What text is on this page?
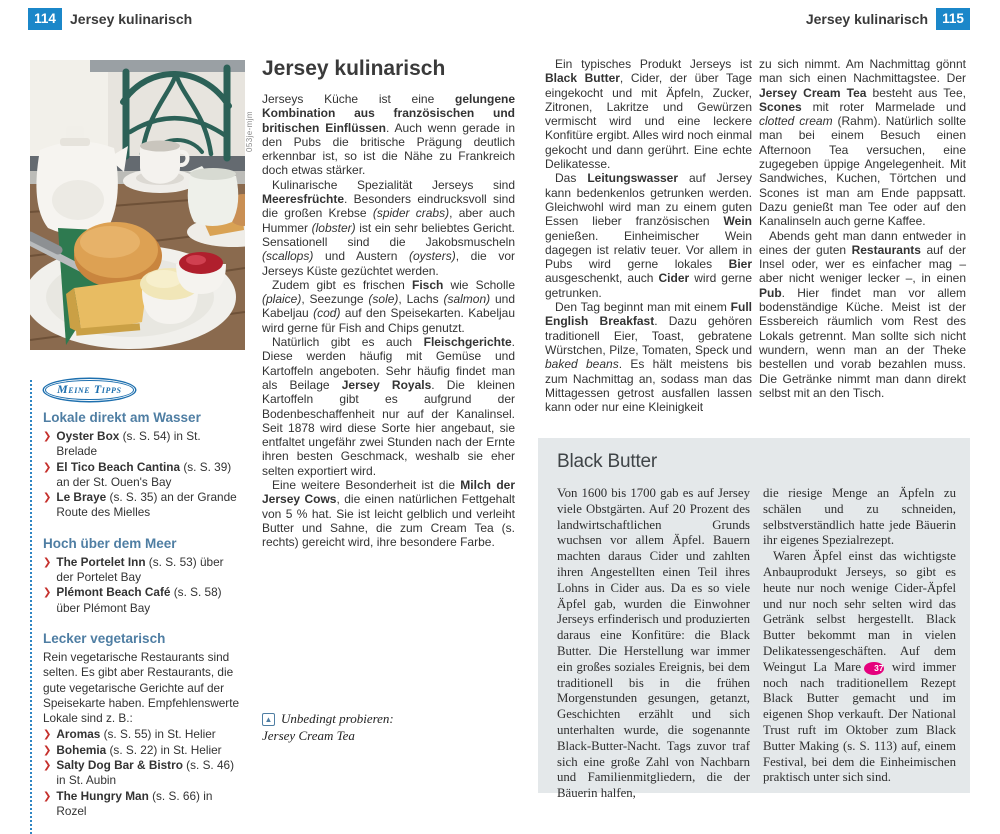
114	Jersey kulinarisch	Jersey kulinarisch	115
053je-mjm
Meine Tipps
Lokale direkt am Wasser
❯ Oyster Box (s. S. 54) in St. Brelade
❯ El Tico Beach Cantina (s. S. 39) an der St. Ouen's Bay
❯ Le Braye (s. S. 35) an der Grande Route des Mielles
Hoch über dem Meer
❯ The Portelet Inn (s. S. 53) über der Portelet Bay
❯ Plémont Beach Café (s. S. 58) über Plémont Bay
Lecker vegetarisch
Rein vegetarische Restaurants sind selten. Es gibt aber Restaurants, die gute vegetarische Gerichte auf der Speisekarte haben. Empfehlenswerte Lokale sind z. B.:
❯ Aromas (s. S. 55) in St. Helier
❯ Bohemia (s. S. 22) in St. Helier
❯ Salty Dog Bar & Bistro (s. S. 46) in St. Aubin
❯ The Hungry Man (s. S. 66) in Rozel
Jersey kulinarisch

Jerseys Küche ist eine gelungene Kombination aus französischen und britischen Einflüssen. Auch wenn gerade in den Pubs die britische Prägung deutlich erkennbar ist, so ist die Nähe zu Frankreich doch etwas stärker.

Kulinarische Spezialität Jerseys sind Meeresfrüchte. Besonders eindrucksvoll sind die großen Krebse (spider crabs), aber auch Hummer (lobster) ist ein sehr beliebtes Gericht. Sensationell sind die Jakobsmuscheln (scallops) und Austern (oysters), die vor Jerseys Küste gezüchtet werden.

Zudem gibt es frischen Fisch wie Scholle (plaice), Seezunge (sole), Lachs (salmon) und Kabeljau (cod) auf den Speisekarten. Kabeljau wird gerne für Fish and Chips genutzt.

Natürlich gibt es auch Fleischgerichte. Diese werden häufig mit Gemüse und Kartoffeln angeboten. Sehr häufig findet man als Beilage Jersey Royals. Die kleinen Kartoffeln gibt es aufgrund der Bodenbeschaffenheit nur auf der Kanalinsel. Seit 1878 wird diese Sorte hier angebaut, sie entfaltet ungefähr zwei Stunden nach der Ernte ihren besten Geschmack, weshalb sie eher selten exportiert wird.

Eine weitere Besonderheit ist die Milch der Jersey Cows, die einen natürlichen Fettgehalt von 5 % hat. Sie ist leicht gelblich und verleiht Butter und Sahne, die zum Cream Tea (s. rechts) gereicht wird, ihre besondere Farbe.

▲ Unbedingt probieren:
Jersey Cream Tea

Ein typisches Produkt Jerseys ist Black Butter, Cider, der über Tage eingekocht und mit Äpfeln, Zucker, Zitronen, Lakritze und Gewürzen vermischt wird und eine leckere Konfitüre ergibt. Alles wird noch einmal gekocht und dann gerührt. Eine echte Delikatesse.

Das Leitungswasser auf Jersey kann bedenkenlos getrunken werden. Gleichwohl wird man zu einem guten Essen lieber französischen Wein genießen. Einheimischer Wein dagegen ist relativ teuer. Vor allem in Pubs wird gerne lokales Bier ausgeschenkt, auch Cider wird gerne getrunken.

Den Tag beginnt man mit einem Full English Breakfast. Dazu gehören traditionell Eier, Toast, gebratene Würstchen, Pilze, Tomaten, Speck und baked beans. Es hält meistens bis zum Nachmittag an, sodass man das Mittagessen getrost ausfallen lassen kann oder nur eine Kleinigkeit

zu sich nimmt. Am Nachmittag gönnt man sich einen Nachmittagstee. Der Jersey Cream Tea besteht aus Tee, Scones mit roter Marmelade und clotted cream (Rahm). Natürlich sollte man bei einem Besuch einen Afternoon Tea versuchen, eine zugegeben üppige Angelegenheit. Mit Sandwiches, Kuchen, Törtchen und Scones ist man am Ende pappsatt. Dazu genießt man Tee oder auf den Kanalinseln auch gerne Kaffee.

Abends geht man dann entweder in eines der guten Restaurants auf der Insel oder, wer es einfacher mag – aber nicht weniger lecker –, in einen Pub. Hier findet man vor allem bodenständige Küche. Meist ist der Essbereich räumlich vom Rest des Lokals getrennt. Man sollte sich nicht wundern, wenn man an der Theke bestellen und vorab bezahlen muss. Die Getränke nimmt man dann direkt selbst mit an den Tisch.

Black Butter

Von 1600 bis 1700 gab es auf Jersey viele Obstgärten. Auf 20 Prozent des landwirtschaftlichen Grunds wuchsen vor allem Äpfel. Bauern machten daraus Cider und zahlten ihren Angestellten einen Teil ihres Lohns in Cider aus. Da es so viele Äpfel gab, wurden die Einwohner Jerseys erfinderisch und produzierten daraus eine Konfitüre: die Black Butter. Die Herstellung war immer ein großes soziales Ereignis, bei dem traditionell bis in die frühen Morgenstunden gesungen, getanzt, Geschichten erzählt und sich unterhalten wurde, die sogenannte Black-Butter-Nacht. Tags zuvor traf sich eine große Zahl von Nachbarn und Familienmitgliedern, die der Bäuerin halfen,

die riesige Menge an Äpfeln zu schälen und zu schneiden, selbstverständlich hatte jede Bäuerin ihr eigenes Spezialrezept.

Waren Äpfel einst das wichtigste Anbauprodukt Jerseys, so gibt es heute nur noch wenige Cider-Äpfel und nur noch sehr selten wird das Getränk selbst hergestellt. Black Butter bekommt man in vielen Delikatessengeschäften. Auf dem Weingut La Mare 37 wird immer noch nach traditionellem Rezept Black Butter gemacht und im eigenen Shop verkauft. Der National Trust ruft im Oktober zum Black Butter Making (s. S. 113) auf, einem Festival, bei dem die Einheimischen praktisch unter sich sind.
